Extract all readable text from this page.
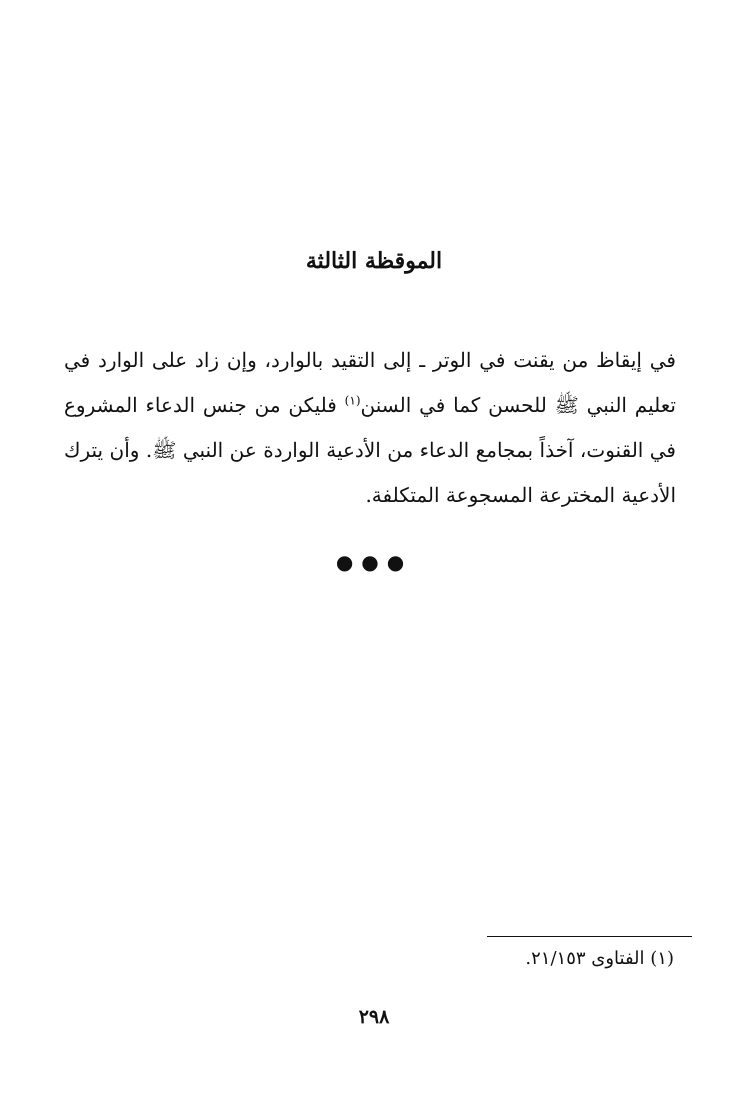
الموقظة الثالثة

في إيقاظ من يقنت في الوتر ـ إلى التقيد بالوارد، وإن زاد على الوارد في تعليم النبي ﷺ للحسن كما في السنن$^{(١)}$ فليكن من جنس الدعاء المشروع في القنوت، آخذاً بمجامع الدعاء من الأدعية الواردة عن النبي ﷺ. وأن يترك الأدعية المخترعة المسجوعة المتكلفة.

●●●
(١) الفتاوى ٢١/١٥٣.
٢٩٨
